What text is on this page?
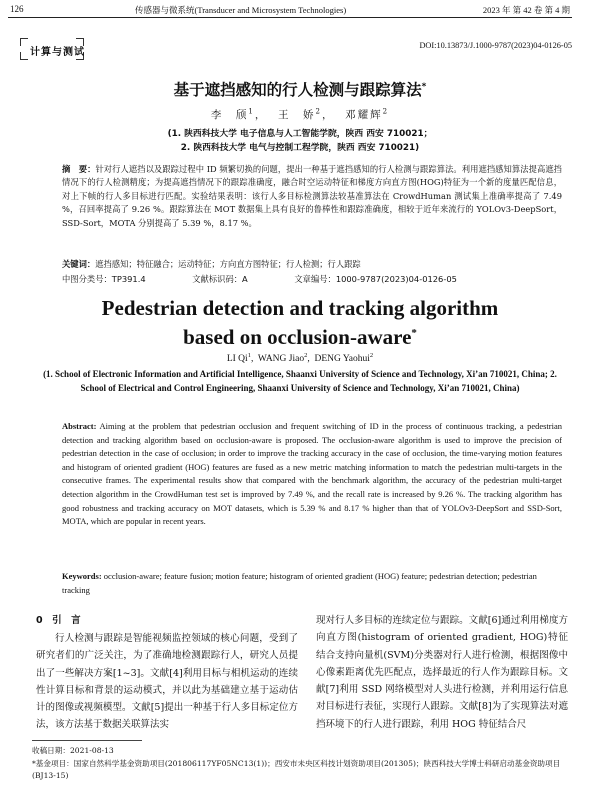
126	传感器与微系统(Transducer and Microsystem Technologies)	2023 年 第 42 卷 第 4 期
计算与测试
DOI:10.13873/J.1000-9787(2023)04-0126-05
基于遮挡感知的行人检测与跟踪算法*
李　颀$^1$，  王　娇$^2$，  邓耀辉$^2$
(1. 陕西科技大学 电子信息与人工智能学院，陕西 西安 710021；
2. 陕西科技大学 电气与控制工程学院，陕西 西安 710021)
摘　要：针对行人遮挡以及跟踪过程中 ID 频繁切换的问题，提出一种基于遮挡感知的行人检测与跟踪算法。利用遮挡感知算法提高遮挡情况下的行人检测精度；为提高遮挡情况下的跟踪准确度，融合时空运动特征和梯度方向直方图(HOG)特征为一个新的度量匹配信息，对上下帧的行人多目标进行匹配。实验结果表明：该行人多目标检测算法较基准算法在 CrowdHuman 测试集上准确率提高了 7.49 %，召回率提高了 9.26 %。跟踪算法在 MOT 数据集上具有良好的鲁棒性和跟踪准确度，相较于近年来流行的 YOLOv3-DeepSort，SSD-Sort，MOTA 分别提高了 5.39 %，8.17 %。
关键词：遮挡感知；特征融合；运动特征；方向直方图特征；行人检测；行人跟踪
中图分类号：TP391.4	文献标识码：A	文章编号：1000-9787(2023)04-0126-05
Pedestrian detection and tracking algorithm
based on occlusion-aware*
LI Qi$^1$,  WANG Jiao$^2$,  DENG Yaohui$^2$
(1. School of Electronic Information and Artificial Intelligence, Shaanxi University of Science and Technology, Xi’an 710021, China; 2. School of Electrical and Control Engineering, Shaanxi University of Science and Technology, Xi’an 710021, China)
Abstract: Aiming at the problem that pedestrian occlusion and frequent switching of ID in the process of continuous tracking, a pedestrian detection and tracking algorithm based on occlusion-aware is proposed. The occlusion-aware algorithm is used to improve the precision of pedestrian detection in the case of occlusion; in order to improve the tracking accuracy in the case of occlusion, the time-varying motion features and histogram of oriented gradient (HOG) features are fused as a new metric matching information to match the pedestrian multi-targets in the consecutive frames. The experimental results show that compared with the benchmark algorithm, the accuracy of the pedestrian multi-target detection algorithm in the CrowdHuman test set is improved by 7.49 %, and the recall rate is increased by 9.26 %. The tracking algorithm has good robustness and tracking accuracy on MOT datasets, which is 5.39 % and 8.17 % higher than that of YOLOv3-DeepSort and SSD-Sort, MOTA, which are popular in recent years.
Keywords: occlusion-aware; feature fusion; motion feature; histogram of oriented gradient (HOG) feature; pedestrian detection; pedestrian tracking
0　引　言

行人检测与跟踪是智能视频监控领域的核心问题，受到了研究者们的广泛关注，为了准确地检测跟踪行人，研究人员提出了一些解决方案[1~3]。文献[4]利用目标与相机运动的连续性计算目标和背景的运动模式，并以此为基础建立基于运动估计的图像或视频模型。文献[5]提出一种基于行人多目标定位方法，该方法基于数据关联算法实

现对行人多目标的连续定位与跟踪。文献[6]通过利用梯度方向直方图(histogram of oriented gradient, HOG)特征结合支持向量机(SVM)分类器对行人进行检测，根据图像中心像素距离优先匹配点，选择最近的行人作为跟踪目标。文献[7]利用 SSD 网络模型对人头进行检测，并利用运行信息对目标进行表征，实现行人跟踪。文献[8]为了实现算法对遮挡环境下的行人进行跟踪，利用 HOG 特征结合尺

收稿日期：2021-08-13
*基金项目：国家自然科学基金资助项目(201806117YF05NC13(1))；西安市未央区科技计划资助项目(201305)；陕西科技大学博士科研启动基金资助项目(BJ13-15)
